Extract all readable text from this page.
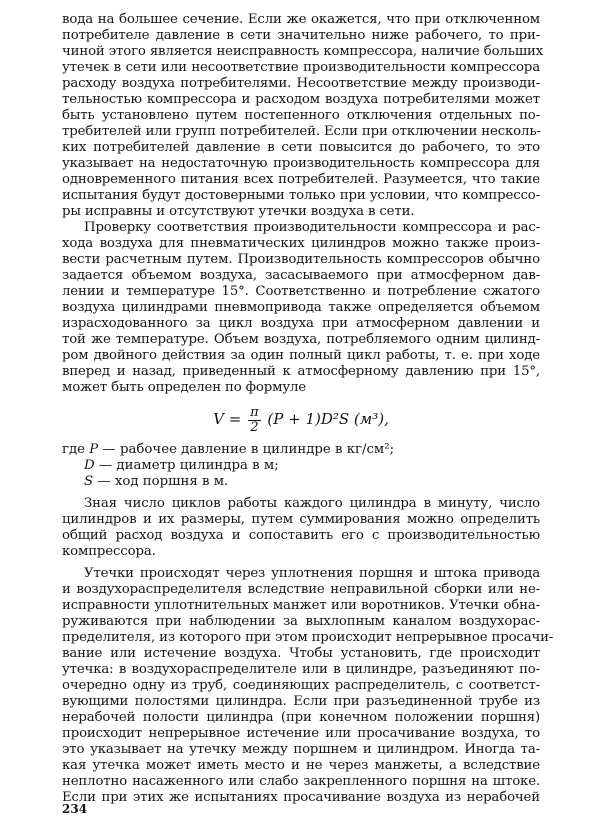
вода на большее сечение. Если же окажется, что при отключенном
потребителе давление в сети значительно ниже рабочего, то при-
чиной этого является неисправность компрессора, наличие больших
утечек в сети или несоответствие производительности компрессора
расходу воздуха потребителями. Несоответствие между производи-
тельностью компрессора и расходом воздуха потребителями может
быть установлено путем постепенного отключения отдельных по-
требителей или групп потребителей. Если при отключении несколь-
ких потребителей давление в сети повысится до рабочего, то это
указывает на недостаточную производительность компрессора для
одновременного питания всех потребителей. Разумеется, что такие
испытания будут достоверными только при условии, что компрессо-
ры исправны и отсутствуют утечки воздуха в сети.
Проверку соответствия производительности компрессора и рас-
хода воздуха для пневматических цилиндров можно также произ-
вести расчетным путем. Производительность компрессоров обычно
задается объемом воздуха, засасываемого при атмосферном дав-
лении и температуре 15°. Соответственно и потребление сжатого
воздуха цилиндрами пневмопривода также определяется объемом
израсходованного за цикл воздуха при атмосферном давлении и
той же температуре. Объем воздуха, потребляемого одним цилинд-
ром двойного действия за один полный цикл работы, т. е. при ходе
вперед и назад, приведенный к атмосферному давлению при 15°,
может быть определен по формуле
$V = \frac{\pi}{2} (P + 1)D^2S$ (м³),
где P — рабочее давление в цилиндре в кг/см²;
D — диаметр цилиндра в м;
S — ход поршня в м.
Зная число циклов работы каждого цилиндра в минуту, число
цилиндров и их размеры, путем суммирования можно определить
общий расход воздуха и сопоставить его с производительностью
компрессора.
Утечки происходят через уплотнения поршня и штока привода
и воздухораспределителя вследствие неправильной сборки или не-
исправности уплотнительных манжет или воротников. Утечки обна-
руживаются при наблюдении за выхлопным каналом воздухорас-
пределителя, из которого при этом происходит непрерывное просачи-
вание или истечение воздуха. Чтобы установить, где происходит
утечка: в воздухораспределителе или в цилиндре, разъединяют по-
очередно одну из труб, соединяющих распределитель, с соответст-
вующими полостями цилиндра. Если при разъединенной трубе из
нерабочей полости цилиндра (при конечном положении поршня)
происходит непрерывное истечение или просачивание воздуха, то
это указывает на утечку между поршнем и цилиндром. Иногда та-
кая утечка может иметь место и не через манжеты, а вследствие
неплотно насаженного или слабо закрепленного поршня на штоке.
Если при этих же испытаниях просачивание воздуха из нерабочей
234
